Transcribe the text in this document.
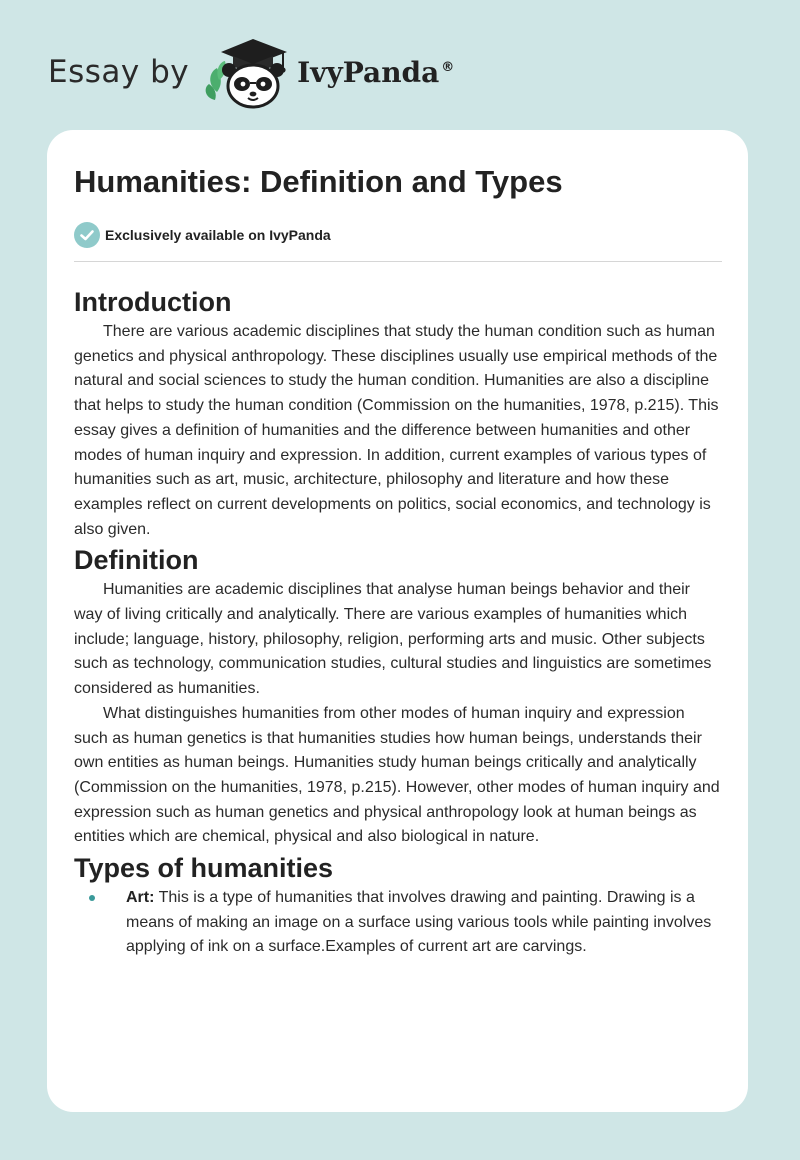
Essay by	IvyPanda ®
Humanities: Definition and Types
Exclusively available on IvyPanda
Introduction

There are various academic disciplines that study the human condition such as human genetics and physical anthropology. These disciplines usually use empirical methods of the natural and social sciences to study the human condition. Humanities are also a discipline that helps to study the human condition (Commission on the humanities, 1978, p.215). This essay gives a definition of humanities and the difference between humanities and other modes of human inquiry and expression. In addition, current examples of various types of humanities such as art, music, architecture, philosophy and literature and how these examples reflect on current developments on politics, social economics, and technology is also given.

Definition

Humanities are academic disciplines that analyse human beings behavior and their way of living critically and analytically. There are various examples of humanities which include; language, history, philosophy, religion, performing arts and music. Other subjects such as technology, communication studies, cultural studies and linguistics are sometimes considered as humanities.

What distinguishes humanities from other modes of human inquiry and expression such as human genetics is that humanities studies how human beings, understands their own entities as human beings. Humanities study human beings critically and analytically (Commission on the humanities, 1978, p.215). However, other modes of human inquiry and expression such as human genetics and physical anthropology look at human beings as entities which are chemical, physical and also biological in nature.

Types of humanities
Art: This is a type of humanities that involves drawing and painting. Drawing is a means of making an image on a surface using various tools while painting involves applying of ink on a surface.Examples of current art are carvings.
